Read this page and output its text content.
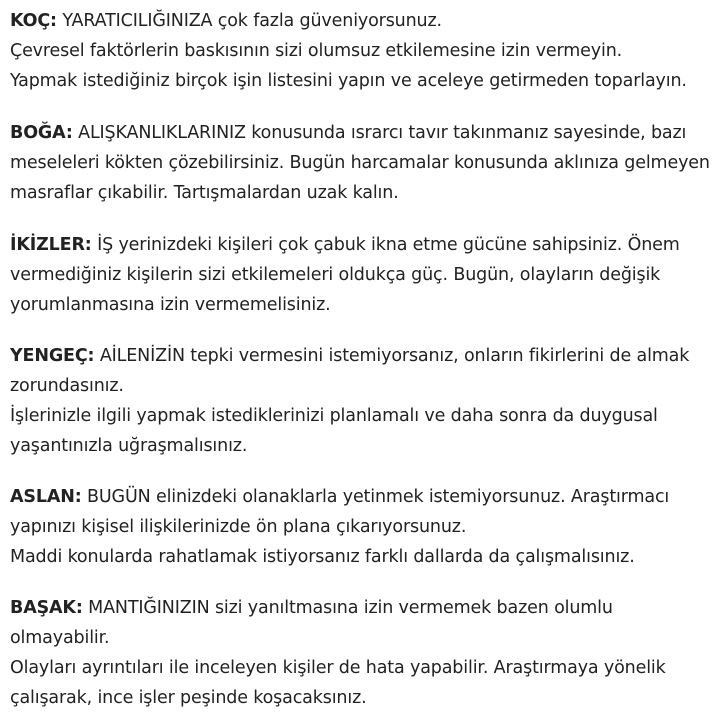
KOÇ: YARATICILIĞINIZA çok fazla güveniyorsunuz.
Çevresel faktörlerin baskısının sizi olumsuz etkilemesine izin vermeyin.
Yapmak istediğiniz birçok işin listesini yapın ve aceleye getirmeden toparlayın.
BOĞA: ALIŞKANLIKLARINIZ konusunda ısrarcı tavır takınmanız sayesinde, bazı
meseleleri kökten çözebilirsiniz. Bugün harcamalar konusunda aklınıza gelmeyen
masraflar çıkabilir. Tartışmalardan uzak kalın.
İKİZLER: İŞ yerinizdeki kişileri çok çabuk ikna etme gücüne sahipsiniz. Önem
vermediğiniz kişilerin sizi etkilemeleri oldukça güç. Bugün, olayların değişik
yorumlanmasına izin vermemelisiniz.
YENGEÇ: AİLENİZİN tepki vermesini istemiyorsanız, onların fikirlerini de almak
zorundasınız.
İşlerinizle ilgili yapmak istediklerinizi planlamalı ve daha sonra da duygusal
yaşantınızla uğraşmalısınız.
ASLAN: BUGÜN elinizdeki olanaklarla yetinmek istemiyorsunuz. Araştırmacı
yapınızı kişisel ilişkilerinizde ön plana çıkarıyorsunuz.
Maddi konularda rahatlamak istiyorsanız farklı dallarda da çalışmalısınız.
BAŞAK: MANTIĞINIZIN sizi yanıltmasına izin vermemek bazen olumlu
olmayabilir.
Olayları ayrıntıları ile inceleyen kişiler de hata yapabilir. Araştırmaya yönelik
çalışarak, ince işler peşinde koşacaksınız.
